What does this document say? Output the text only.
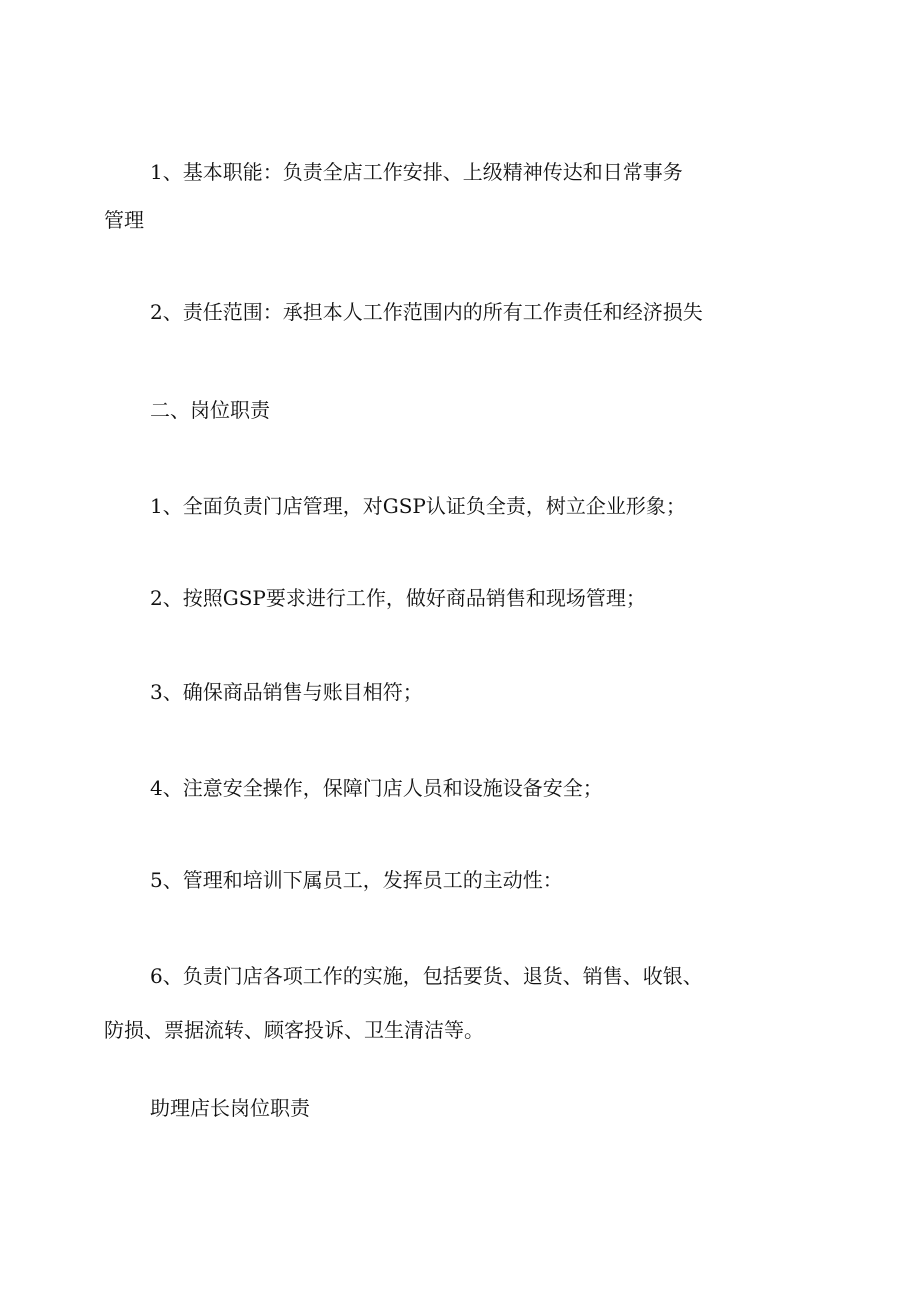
1、基本职能：负责全店工作安排、上级精神传达和日常事务

管理

2、责任范围：承担本人工作范围内的所有工作责任和经济损失

二、岗位职责

1、全面负责门店管理，对GSP认证负全责，树立企业形象；

2、按照GSP要求进行工作，做好商品销售和现场管理；

3、确保商品销售与账目相符；

4、注意安全操作，保障门店人员和设施设备安全；

5、管理和培训下属员工，发挥员工的主动性：

6、负责门店各项工作的实施，包括要货、退货、销售、收银、

防损、票据流转、顾客投诉、卫生清洁等。

助理店长岗位职责
